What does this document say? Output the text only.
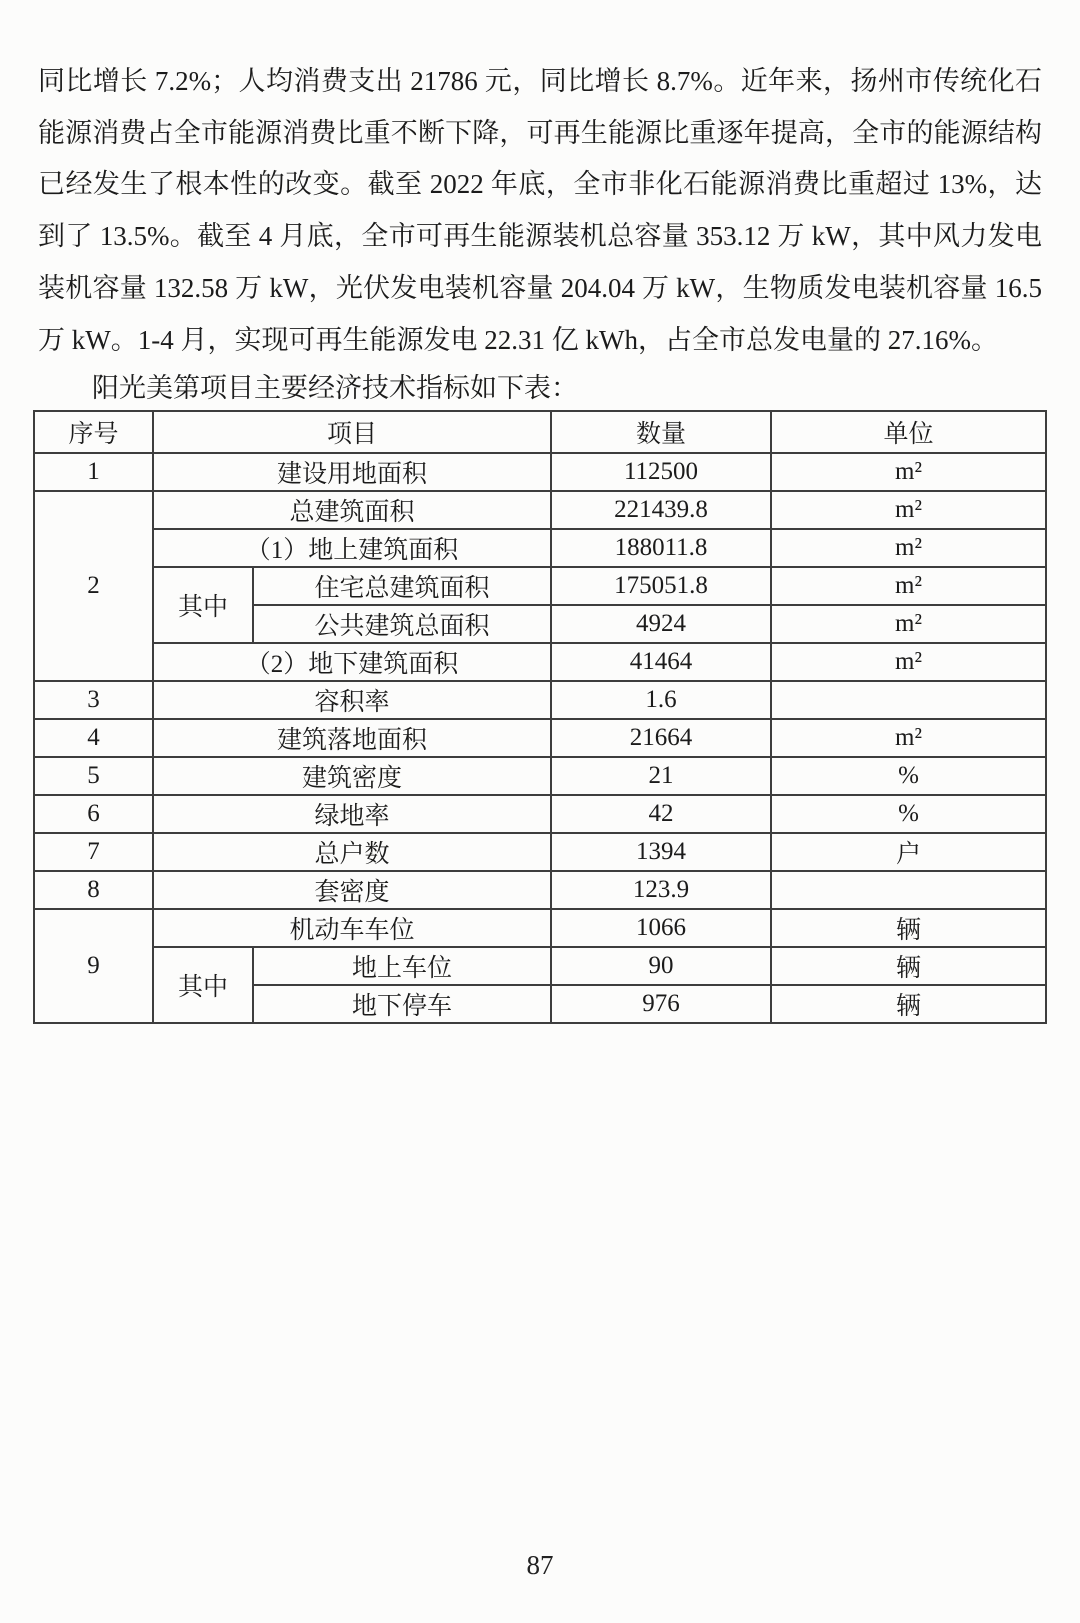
同比增长 7.2%；人均消费支出 21786 元，同比增长 8.7%。近年来，扬州市传统化石
能源消费占全市能源消费比重不断下降，可再生能源比重逐年提高，全市的能源结构
已经发生了根本性的改变。截至 2022 年底，全市非化石能源消费比重超过 13%，达
到了 13.5%。截至 4 月底，全市可再生能源装机总容量 353.12 万 kW，其中风力发电
装机容量 132.58 万 kW，光伏发电装机容量 204.04 万 kW，生物质发电装机容量 16.5
万 kW。1-4 月，实现可再生能源发电 22.31 亿 kWh，占全市总发电量的 27.16%。
阳光美第项目主要经济技术指标如下表：
序号	项目		数量	单位
1	建设用地面积		112500	m²
2	总建筑面积		221439.8	m²
	（1）地上建筑面积		188011.8	m²
	其中	住宅总建筑面积	175051.8	m²
		公共建筑总面积	4924	m²
	（2）地下建筑面积		41464	m²
3	容积率		1.6	
4	建筑落地面积		21664	m²
5	建筑密度		21	%
6	绿地率		42	%
7	总户数		1394	户
8	套密度		123.9	
9	机动车车位		1066	辆
	其中	地上车位	90	辆
		地下停车	976	辆
87
